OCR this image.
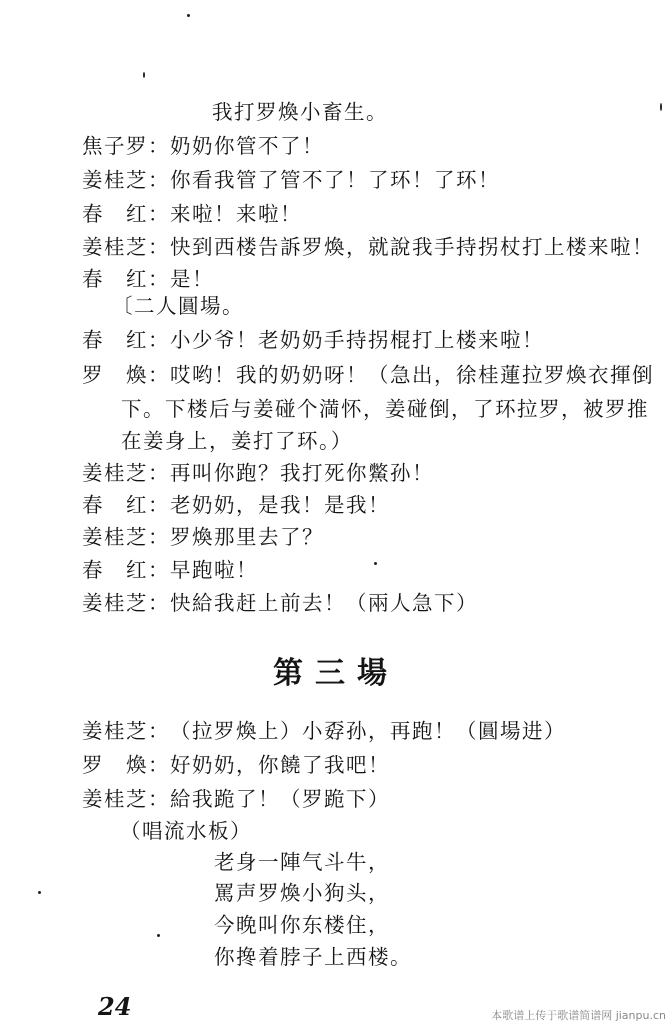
我打罗煥小畜生。
焦子罗：奶奶你管不了！
姜桂芝：你看我管了管不了！了环！了环！
春　红：来啦！来啦！
姜桂芝：快到西楼告訴罗煥，就說我手持拐杖打上楼来啦！
春　红：是！
〔二人圓場。
春　红：小少爷！老奶奶手持拐棍打上楼来啦！
罗　煥：哎哟！我的奶奶呀！（急出，徐桂蓮拉罗煥衣揮倒
下。下楼后与姜碰个満怀，姜碰倒，了环拉罗，被罗推
在姜身上，姜打了环。）
姜桂芝：再叫你跑？我打死你鱉孙！
春　红：老奶奶，是我！是我！
姜桂芝：罗煥那里去了？
春　红：早跑啦！
姜桂芝：快給我赶上前去！（兩人急下）
第三場
姜桂芝：（拉罗煥上）小孬孙，再跑！（圓場进）
罗　煥：好奶奶，你饒了我吧！
姜桂芝：給我跪了！（罗跪下）
（唱流水板）
老身一陣气斗牛，
罵声罗煥小狗头，
今晚叫你东楼住，
你搀着脖子上西楼。
24	本歌谱上传于歌谱简谱网 jianpu.cn
